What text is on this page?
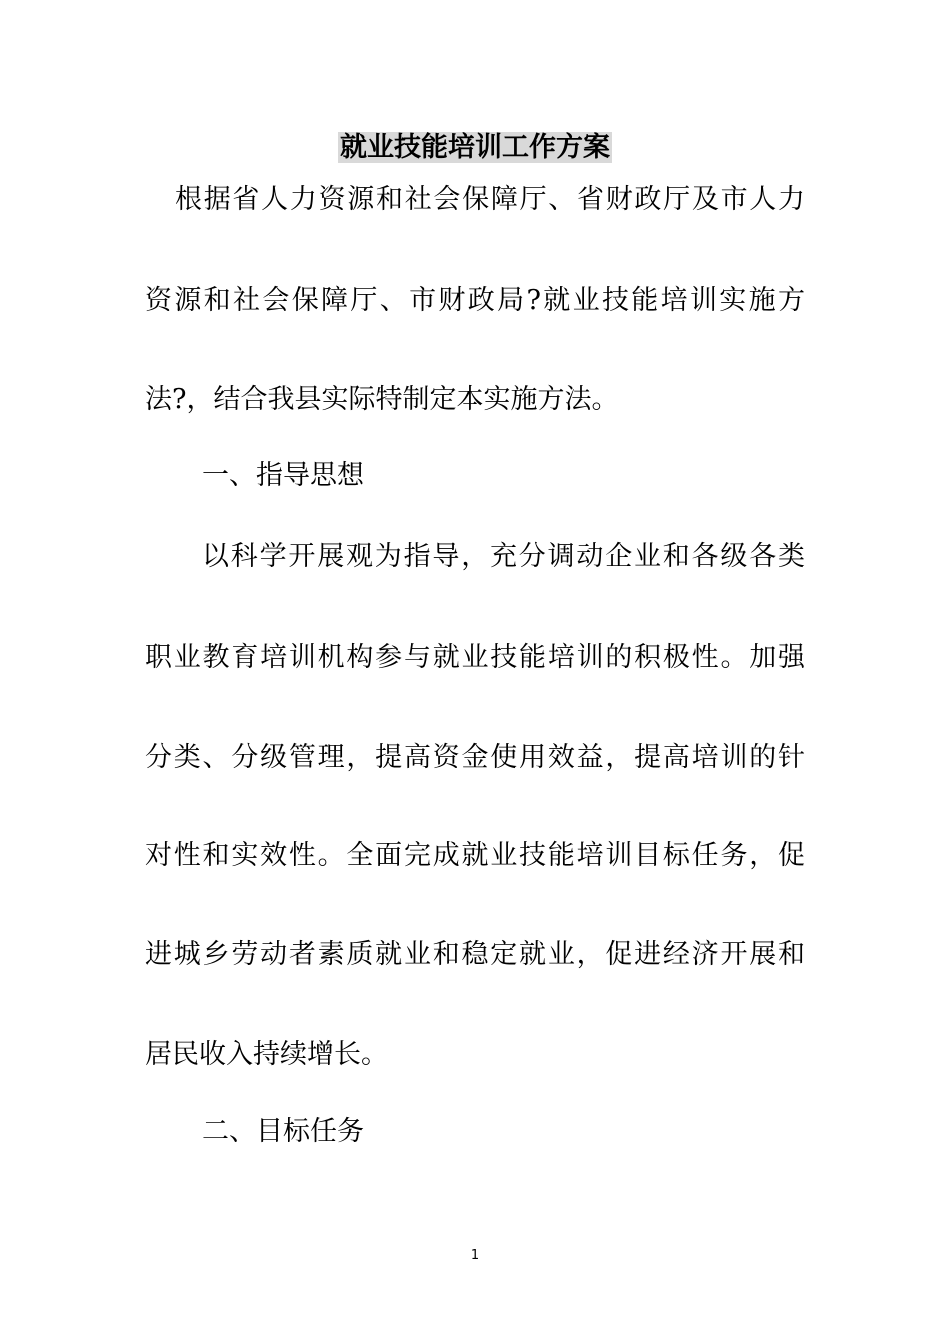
就业技能培训工作方案
根据省人力资源和社会保障厅、省财政厅及市人力
资源和社会保障厅、市财政局?就业技能培训实施方
法?，结合我县实际特制定本实施方法。
一、指导思想
以科学开展观为指导，充分调动企业和各级各类
职业教育培训机构参与就业技能培训的积极性。加强
分类、分级管理，提高资金使用效益，提高培训的针
对性和实效性。全面完成就业技能培训目标任务，促
进城乡劳动者素质就业和稳定就业，促进经济开展和
居民收入持续增长。
二、目标任务
1
